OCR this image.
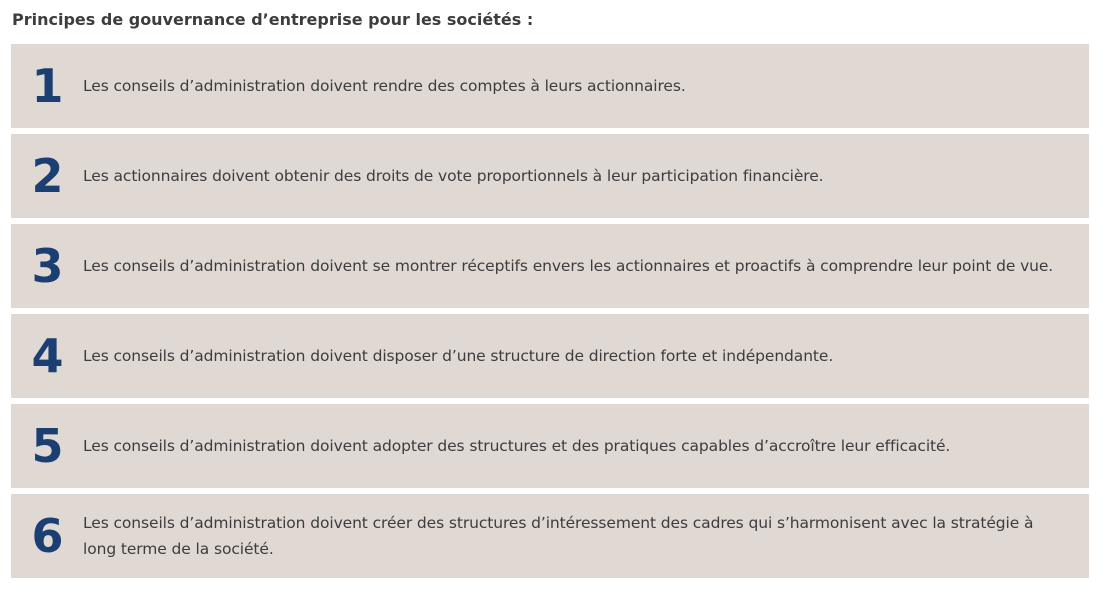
Principes de gouvernance d’entreprise pour les sociétés :
1	Les conseils d’administration doivent rendre des comptes à leurs actionnaires.
2	Les actionnaires doivent obtenir des droits de vote proportionnels à leur participation financière.
3	Les conseils d’administration doivent se montrer réceptifs envers les actionnaires et proactifs à comprendre leur point de vue.
4	Les conseils d’administration doivent disposer d’une structure de direction forte et indépendante.
5	Les conseils d’administration doivent adopter des structures et des pratiques capables d’accroître leur efficacité.
6	Les conseils d’administration doivent créer des structures d’intéressement des cadres qui s’harmonisent avec la stratégie à long terme de la société.
